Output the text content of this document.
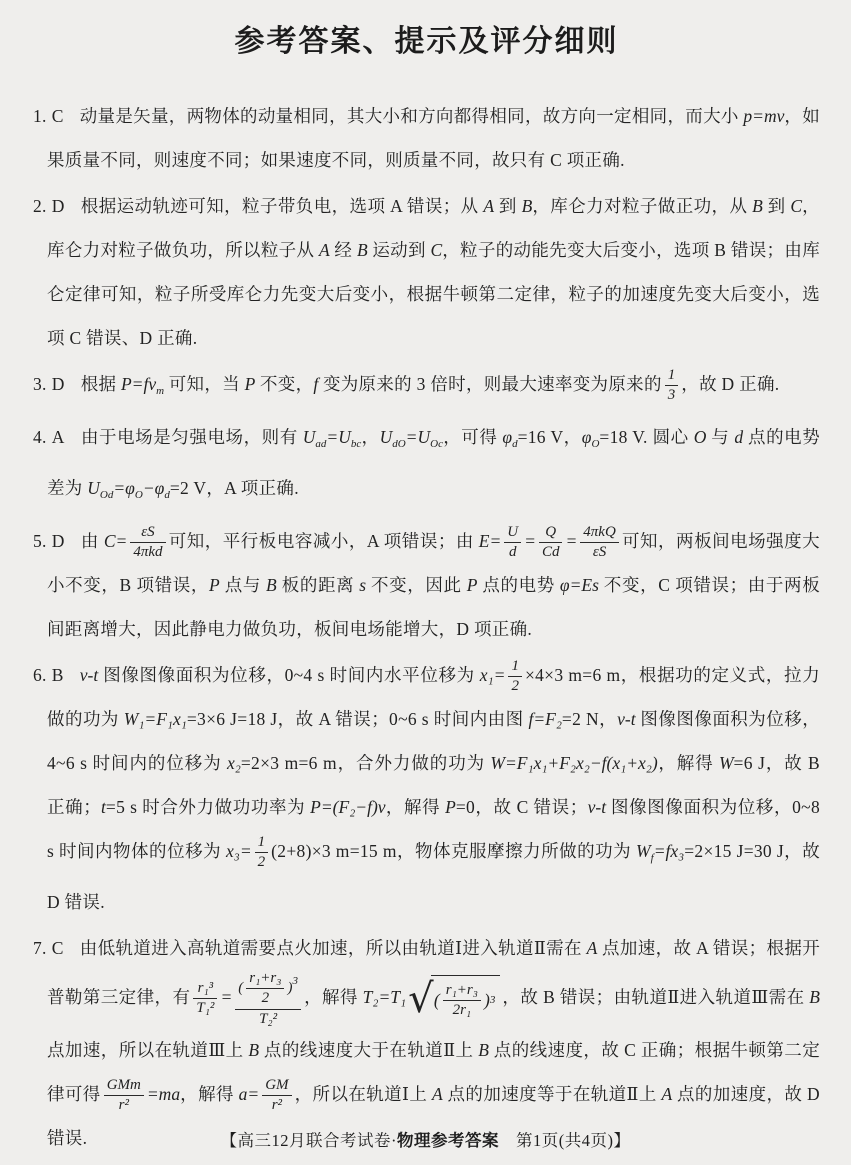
参考答案、提示及评分细则
1. C 动量是矢量，两物体的动量相同，其大小和方向都得相同，故方向一定相同，而大小 p=mv，如果质量不同，则速度不同；如果速度不同，则质量不同，故只有 C 项正确.
2. D 根据运动轨迹可知，粒子带负电，选项 A 错误；从 A 到 B，库仑力对粒子做正功，从 B 到 C，库仑力对粒子做负功，所以粒子从 A 经 B 运动到 C，粒子的动能先变大后变小，选项 B 错误；由库仑定律可知，粒子所受库仑力先变大后变小，根据牛顿第二定律，粒子的加速度先变大后变小，选项 C 错误、D 正确.
3. D 根据 $P=fv_m$ 可知，当 P 不变，f 变为原来的 3 倍时，则最大速率变为原来的 $\frac{1}{3}$ ，故 D 正确.
4. A 由于电场是匀强电场，则有 $U_{ad}=U_{bc}$，$U_{dO}=U_{Oc}$，可得 $\varphi_d=16$ V，$\varphi_O=18$ V. 圆心 O 与 d 点的电势差为 $U_{Od}=\varphi_O-\varphi_d=2$ V，A 项正确.
5. D 由 $C= \frac{\varepsilon S}{\text{4πkd}}$ 可知，平行板电容减小，A 项错误；由 $E= \frac{U}{d} = \frac{Q}{Cd} = \frac{\text{4πkQ}}{\varepsilon S}$ 可知，两板间电场强度大小不变，B 项错误，P 点与 B 板的距离 s 不变，因此 P 点的电势 φ=Es 不变，C 项错误；由于两板间距离增大，因此静电力做负功，板间电场能增大，D 项正确.
6. B v-t 图像图像面积为位移，0~4 s 时间内水平位移为 $x_1= \frac{1}{2} \times 4\times 3$ m=6 m，根据功的定义式，拉力做的功为 W₁=F₁x₁=3×6 J=18 J，故 A 错误；0~6 s 时间内由图 f=F₂=2 N，v-t 图像图像面积为位移，4~6 s 时间内的位移为 x₂=2×3 m=6 m，合外力做的功为 W=F₁x₁+F₂x₂−f(x₁+x₂)，解得 W=6 J，故 B 正确；t=5 s 时合外力做功功率为 P=(F₂−f)v，解得 P=0，故 C 错误；v-t 图像图像面积为位移，0~8 s 时间内物体的位移为 $x_3= \frac{1}{2} (2+8)\times 3$ m=15 m，物体克服摩擦力所做的功为 $W_f=fx_3=2\times 15$ J=30 J，故 D 错误.
7. C 由低轨道进入高轨道需要点火加速，所以由轨道Ⅰ进入轨道Ⅱ需在 A 点加速，故 A 错误；根据开普勒第三定律，有 $\frac{\text{r₁³}}{\text{T₁²}} = \frac{( \frac{\text{r₁+r₃}}{2} )^3}{\text{T₂²}}$ ，解得 T₂=T₁ √ ( $\frac{\text{r₁+r₃}}{\text{2r₁}}$ ) 3 ，故 B 错误；由轨道Ⅱ进入轨道Ⅲ需在 B 点加速，所以在轨道Ⅲ上 B 点的线速度大于在轨道Ⅱ上 B 点的线速度，故 C 正确；根据牛顿第二定律可得 $\frac{\text{GMm}}{\text{r²}} =ma$，解得 $a= \frac{GM}{\text{r²}}$ ，所以在轨道Ⅰ上 A 点的加速度等于在轨道Ⅱ上 A 点的加速度，故 D 错误.	【高三12月联合考试卷·物理参考答案　第1页(共4页)】
